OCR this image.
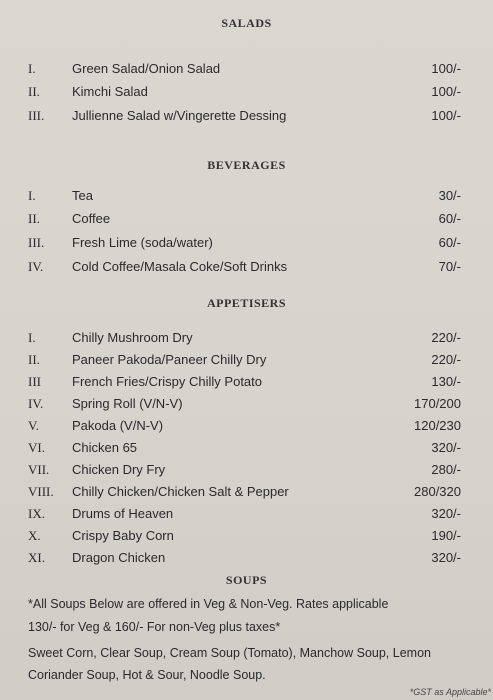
SALADS
I.	Green Salad/Onion Salad	100/-
II. Kimchi Salad	100/-
III. Jullienne Salad w/Vingerette Dessing	100/-
BEVERAGES
I.	Tea	30/-
II. Coffee	60/-
III. Fresh Lime (soda/water)	60/-
IV. Cold Coffee/Masala Coke/Soft Drinks	70/-
APPETISERS
I.	Chilly Mushroom Dry	220/-
II. Paneer Pakoda/Paneer Chilly Dry	220/-
III French Fries/Crispy Chilly Potato	130/-
IV. Spring Roll (V/N-V)	170/200
V.	Pakoda (V/N-V)	120/230
VI. Chicken 65	320/-
VII. Chicken Dry Fry	280/-
VIII. Chilly Chicken/Chicken Salt & Pepper	280/320
IX. Drums of Heaven	320/-
X. Crispy Baby Corn	190/-
XI. Dragon Chicken	320/-
SOUPS
*All Soups Below are offered in Veg & Non-Veg. Rates applicable
130/- for Veg & 160/- For non-Veg plus taxes*
Sweet Corn, Clear Soup, Cream Soup (Tomato), Manchow Soup, Lemon Coriander Soup, Hot & Sour, Noodle Soup.
*GST as Applicable*
